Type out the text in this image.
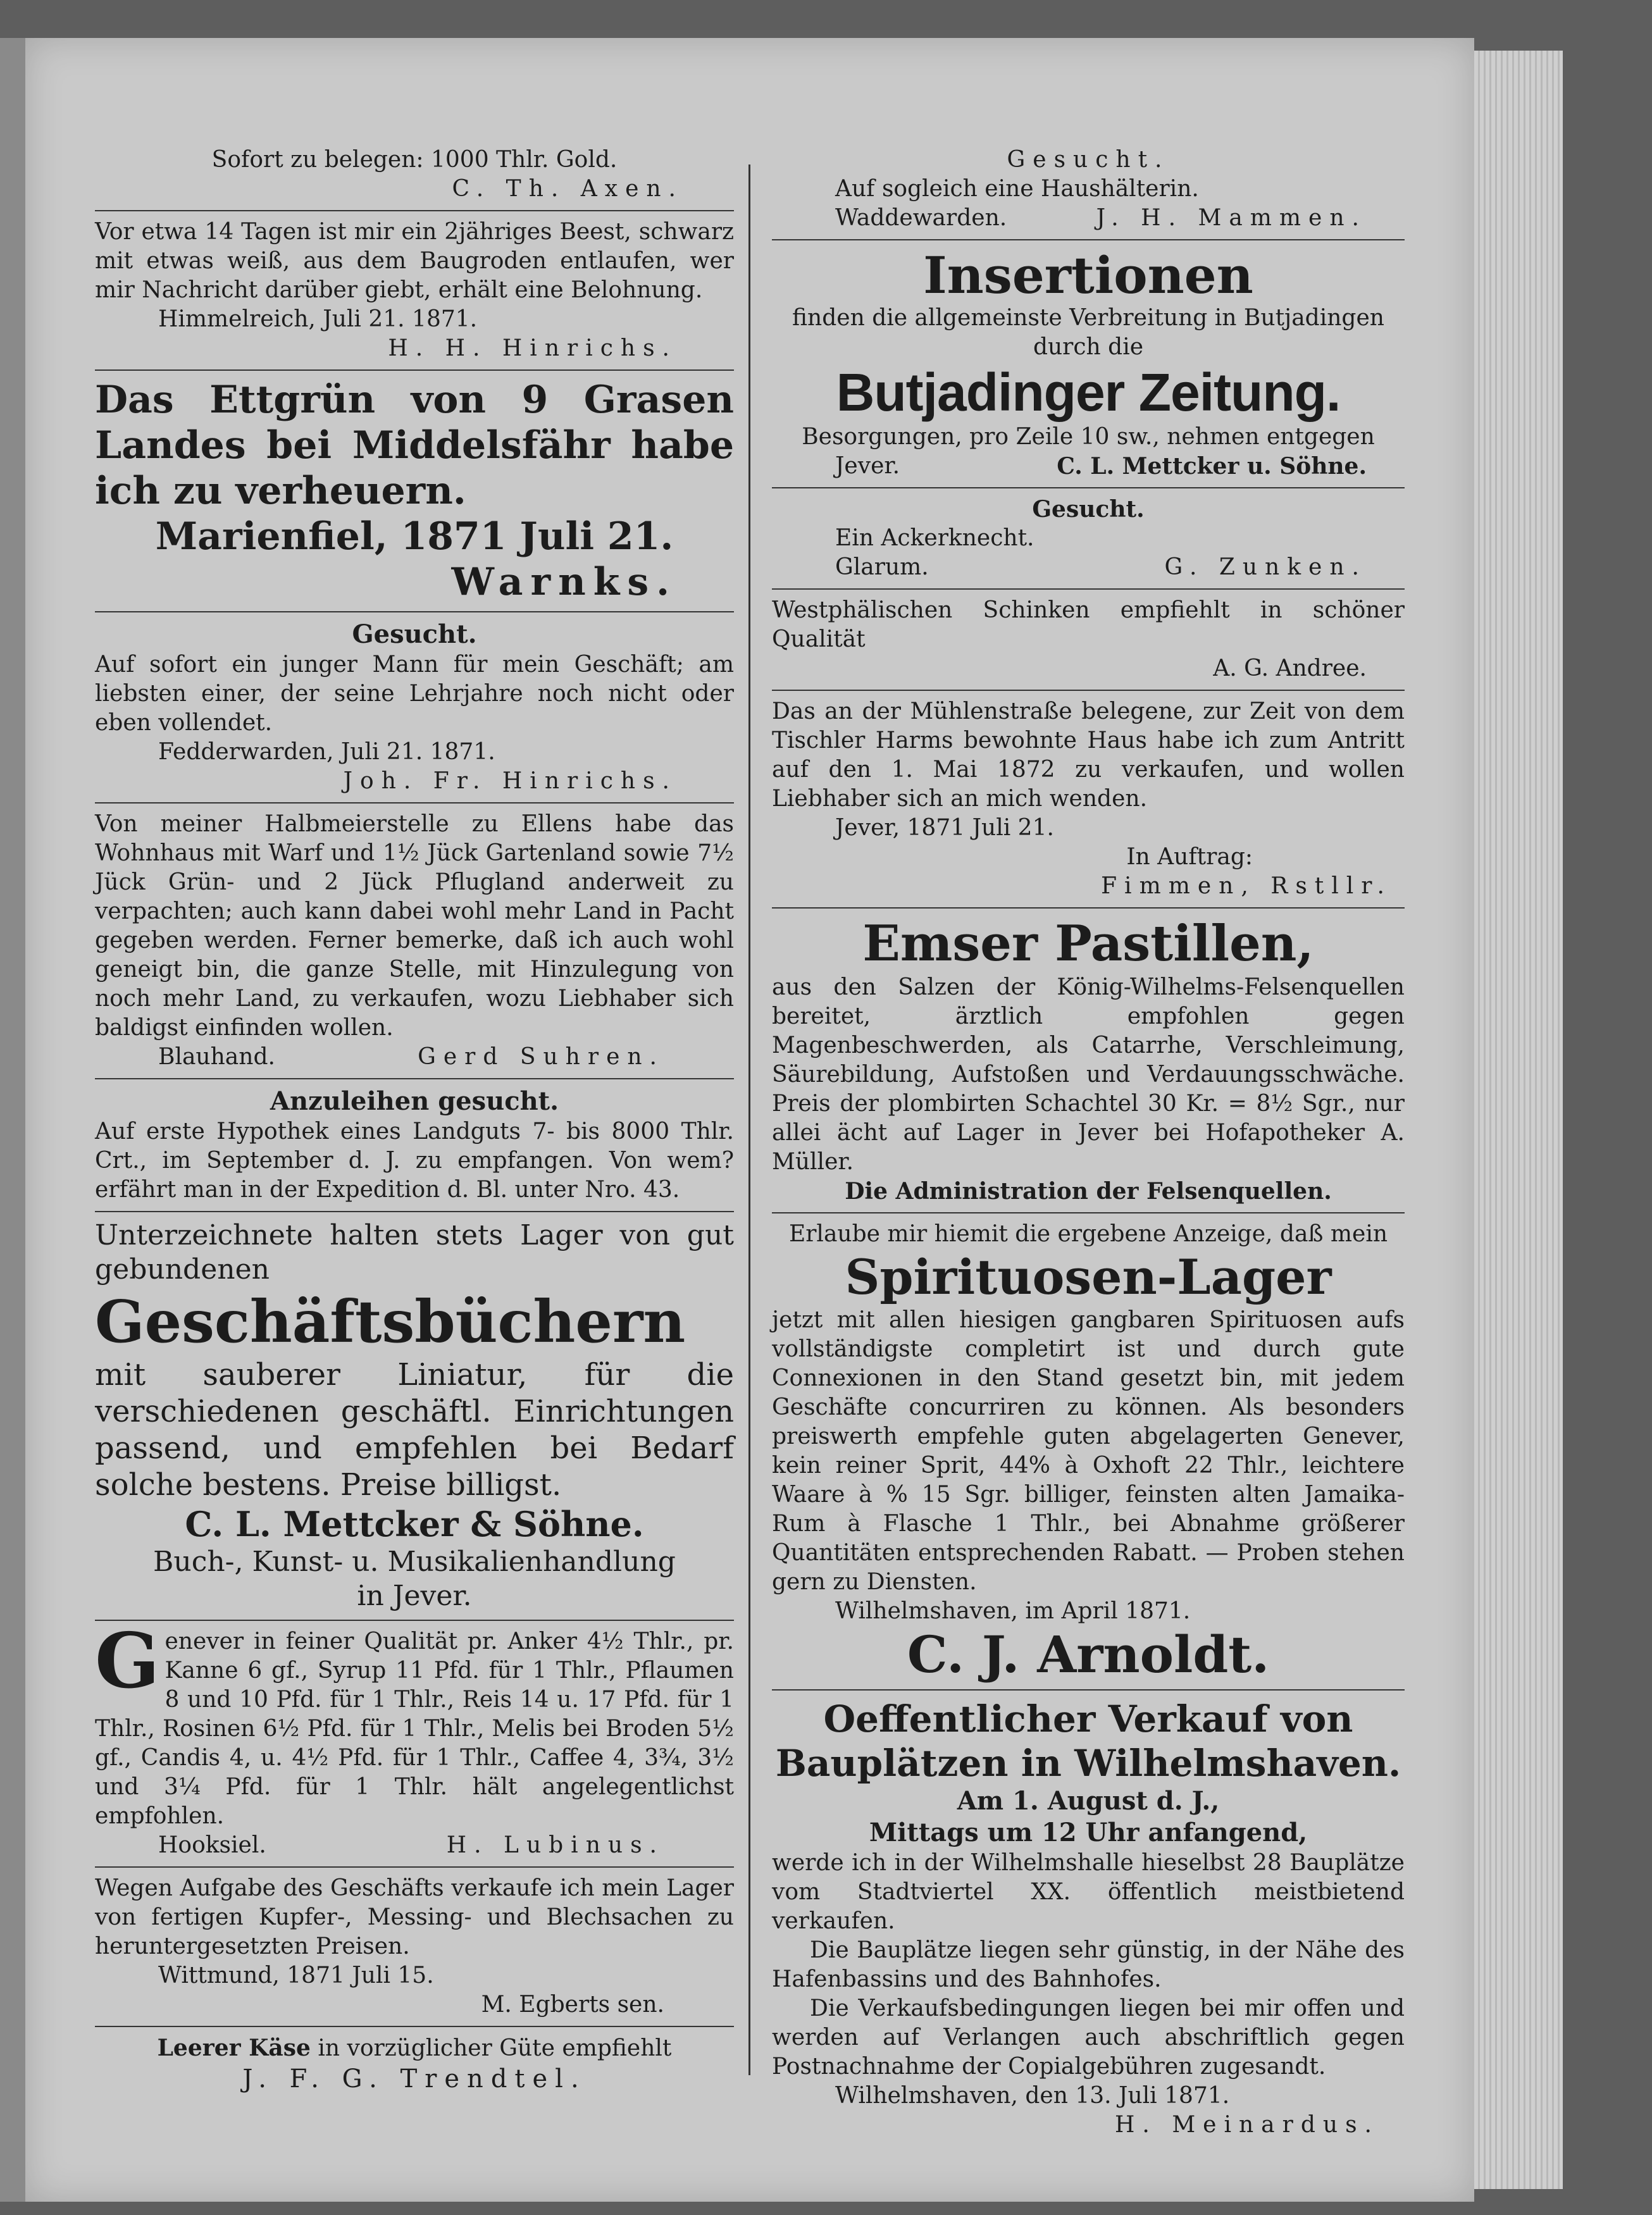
Sofort zu belegen: 1000 Thlr. Gold.

C. Th. Axen.

Vor etwa 14 Tagen ist mir ein 2jähriges Beest, schwarz mit etwas weiß, aus dem Baugroden entlaufen, wer mir Nachricht darüber giebt, erhält eine Belohnung.

Himmelreich, Juli 21. 1871.

H. H. Hinrichs.

Das Ettgrün von 9 Grasen Landes bei Middelsfähr habe ich zu verheuern.

Marienfiel, 1871 Juli 21.

Warnks.

Gesucht.

Auf sofort ein junger Mann für mein Geschäft; am liebsten einer, der seine Lehrjahre noch nicht oder eben vollendet.

Fedderwarden, Juli 21. 1871.

Joh. Fr. Hinrichs.

Von meiner Halbmeierstelle zu Ellens habe das Wohnhaus mit Warf und 1½ Jück Gartenland sowie 7½ Jück Grün- und 2 Jück Pflugland anderweit zu verpachten; auch kann dabei wohl mehr Land in Pacht gegeben werden. Ferner bemerke, daß ich auch wohl geneigt bin, die ganze Stelle, mit Hinzulegung von noch mehr Land, zu verkaufen, wozu Liebhaber sich baldigst einfinden wollen.

Blauhand.	Gerd Suhren.

Anzuleihen gesucht.

Auf erste Hypothek eines Landguts 7- bis 8000 Thlr. Crt., im September d. J. zu empfangen. Von wem? erfährt man in der Expedition d. Bl. unter Nro. 43.

Unterzeichnete halten stets Lager von gut gebundenen

Geschäftsbüchern

mit sauberer Liniatur, für die verschiedenen geschäftl. Einrichtungen passend, und empfehlen bei Bedarf solche bestens. Preise billigst.

C. L. Mettcker & Söhne.

Buch-, Kunst- u. Musikalienhandlung

in Jever.

G enever in feiner Qualität pr. Anker 4½ Thlr., pr. Kanne 6 gf., Syrup 11 Pfd. für 1 Thlr., Pflaumen 8 und 10 Pfd. für 1 Thlr., Reis 14 u. 17 Pfd. für 1 Thlr., Rosinen 6½ Pfd. für 1 Thlr., Melis bei Broden 5½ gf., Candis 4, u. 4½ Pfd. für 1 Thlr., Caffee 4, 3¾, 3½ und 3¼ Pfd. für 1 Thlr. hält angelegentlichst empfohlen.

Hooksiel.	H. Lubinus.

Wegen Aufgabe des Geschäfts verkaufe ich mein Lager von fertigen Kupfer-, Messing- und Blechsachen zu heruntergesetzten Preisen.

Wittmund, 1871 Juli 15.

M. Egberts sen.

Leerer Käse in vorzüglicher Güte empfiehlt

J. F. G. Trendtel.

Gesucht.

Auf sogleich eine Haushälterin.

Waddewarden.	J. H. Mammen.

Insertionen

finden die allgemeinste Verbreitung in Butjadingen durch die

Butjadinger Zeitung.

Besorgungen, pro Zeile 10 sw., nehmen entgegen

Jever.	C. L. Mettcker u. Söhne.

Gesucht.

Ein Ackerknecht.

Glarum.	G. Zunken.

Westphälischen Schinken empfiehlt in schöner Qualität

A. G. Andree.

Das an der Mühlenstraße belegene, zur Zeit von dem Tischler Harms bewohnte Haus habe ich zum Antritt auf den 1. Mai 1872 zu verkaufen, und wollen Liebhaber sich an mich wenden.

Jever, 1871 Juli 21.

In Auftrag:

Fimmen, Rstllr.

Emser Pastillen,

aus den Salzen der König-Wilhelms-Felsenquellen bereitet, ärztlich empfohlen gegen Magenbeschwerden, als Catarrhe, Verschleimung, Säurebildung, Aufstoßen und Verdauungsschwäche. Preis der plombirten Schachtel 30 Kr. = 8½ Sgr., nur allei ächt auf Lager in Jever bei Hofapotheker A. Müller.

Die Administration der Felsenquellen.

Erlaube mir hiemit die ergebene Anzeige, daß mein

Spirituosen-Lager

jetzt mit allen hiesigen gangbaren Spirituosen aufs vollständigste completirt ist und durch gute Connexionen in den Stand gesetzt bin, mit jedem Geschäfte concurriren zu können. Als besonders preiswerth empfehle guten abgelagerten Genever, kein reiner Sprit, 44% à Oxhoft 22 Thlr., leichtere Waare à % 15 Sgr. billiger, feinsten alten Jamaika-Rum à Flasche 1 Thlr., bei Abnahme größerer Quantitäten entsprechenden Rabatt. — Proben stehen gern zu Diensten.

Wilhelmshaven, im April 1871.

C. J. Arnoldt.

Oeffentlicher Verkauf von Bauplätzen in Wilhelmshaven.

Am 1. August d. J.,

Mittags um 12 Uhr anfangend,

werde ich in der Wilhelmshalle hieselbst 28 Bauplätze vom Stadtviertel XX. öffentlich meistbietend verkaufen.

Die Bauplätze liegen sehr günstig, in der Nähe des Hafenbassins und des Bahnhofes.

Die Verkaufsbedingungen liegen bei mir offen und werden auf Verlangen auch abschriftlich gegen Postnachnahme der Copialgebühren zugesandt.

Wilhelmshaven, den 13. Juli 1871.

H. Meinardus.
